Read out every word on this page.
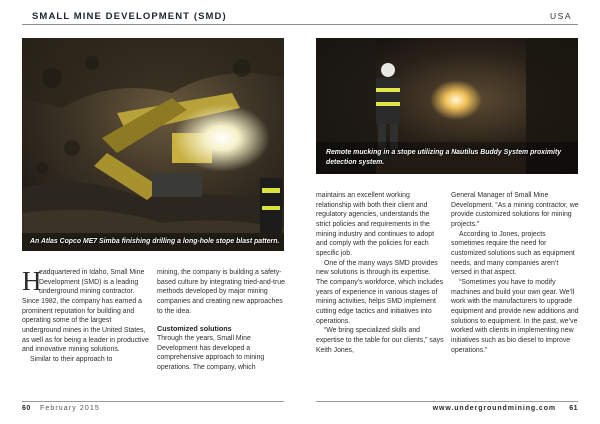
SMALL MINE DEVELOPMENT (SMD)	USA
An Atlas Copco ME7 Simba finishing drilling a long-hole stope blast pattern.
Remote mucking in a stope utilizing a Nautilus Buddy System proximity detection system.

H
eadquartered in Idaho, Small Mine Development (SMD) is a leading underground mining contractor. Since 1982, the company has earned a prominent reputation for building and operating some of the largest underground mines in the United States, as well as for being a leader in productive and innovative mining solutions.

Similar to their approach to

mining, the company is building a safety-based culture by integrating tried-and-true methods developed by major mining companies and creating new approaches to the idea.

Customized solutions

Through the years, Small Mine Development has developed a comprehensive approach to mining operations. The company, which

maintains an excellent working relationship with both their client and regulatory agencies, understands the strict policies and requirements in the mining industry and continues to adopt and comply with the policies for each specific job.

One of the many ways SMD provides new solutions is through its expertise. The company’s workforce, which includes years of experience in various stages of mining activities, helps SMD implement cutting edge tactics and initiatives into operations.

“We bring specialized skills and expertise to the table for our clients,” says Keith Jones,

General Manager of Small Mine Development. “As a mining contractor, we provide customized solutions for mining projects.”

According to Jones, projects sometimes require the need for customized solutions such as equipment needs, and many companies aren’t versed in that aspect.

“Sometimes you have to modify machines and build your own gear. We’ll work with the manufacturers to upgrade equipment and provide new additions and solutions to equipment. In the past, we’ve worked with clients in implementing new initiatives such as bio diesel to improve operations.”

60 February 2015	www.undergroundmining.com 61
